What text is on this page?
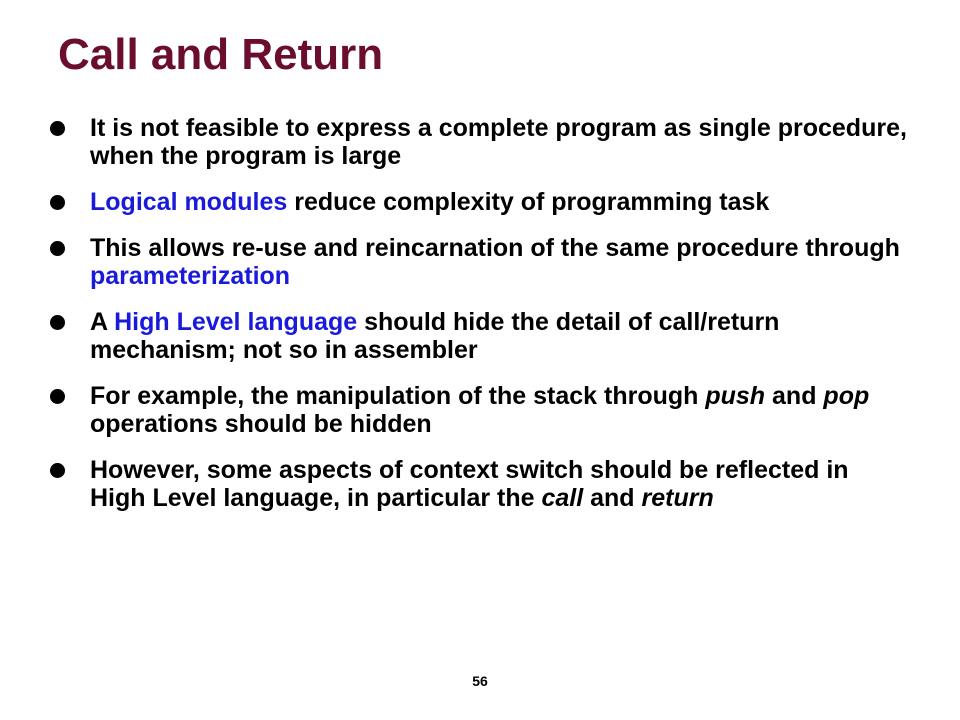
Call and Return
It is not feasible to express a complete program as single procedure, when the program is large
Logical modules reduce complexity of programming task
This allows re-use and reincarnation of the same procedure through parameterization
A High Level language should hide the detail of call/return mechanism; not so in assembler
For example, the manipulation of the stack through push and pop operations should be hidden
However, some aspects of context switch should be reflected in High Level language, in particular the call and return
56
